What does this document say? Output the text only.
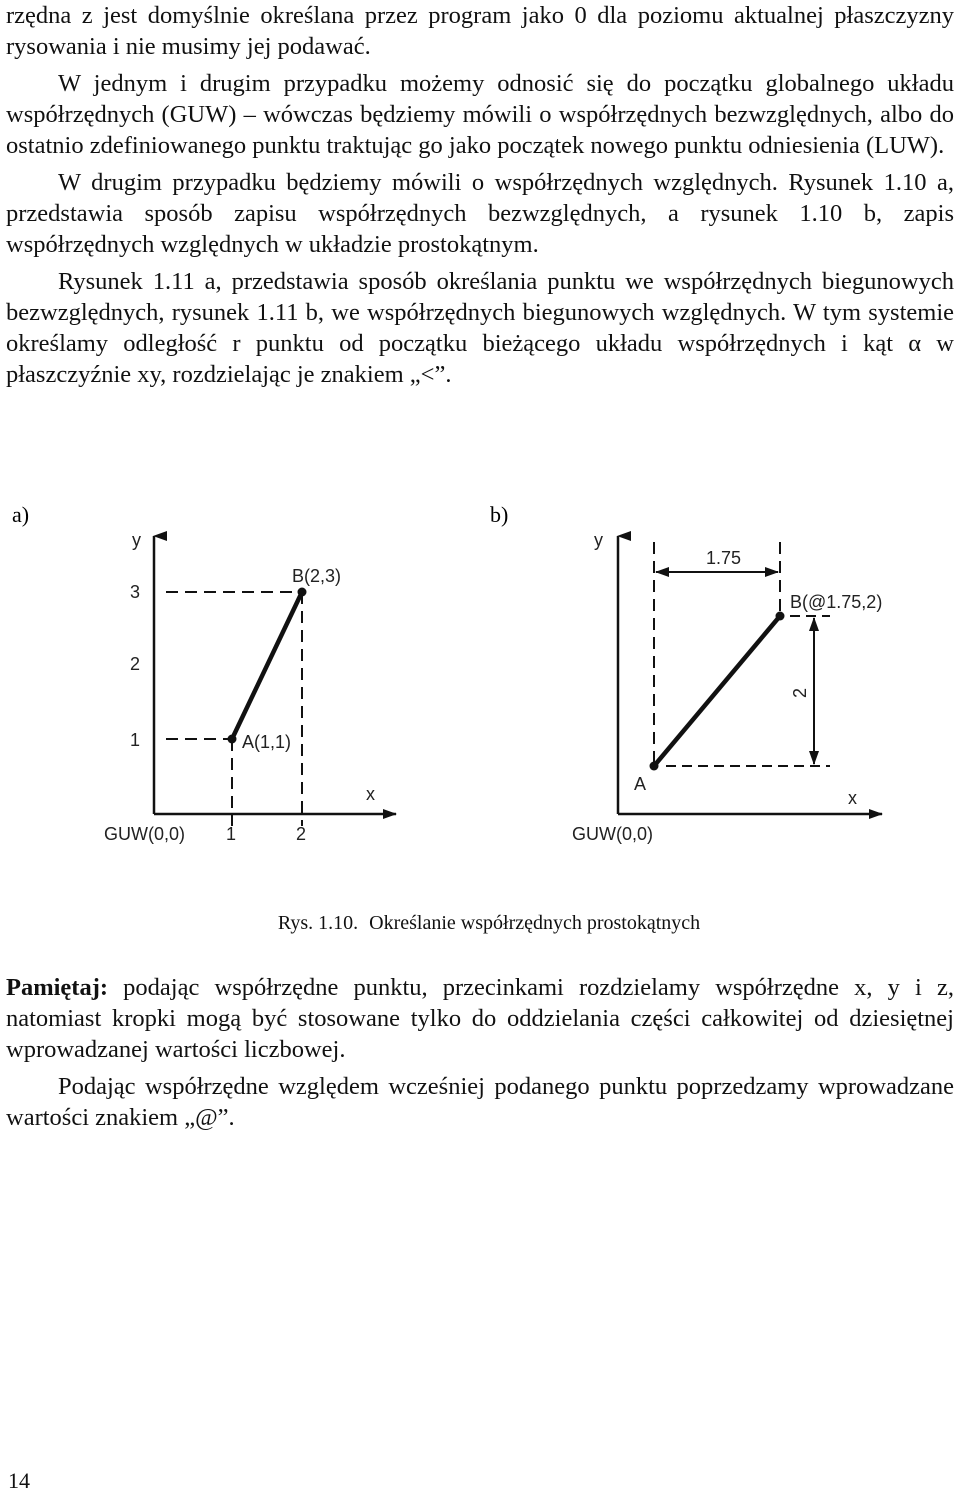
rzędna z jest domyślnie określana przez program jako 0 dla poziomu aktualnej płaszczyzny rysowania i nie musimy jej podawać.

W jednym i drugim przypadku możemy odnosić się do początku globalnego układu współrzędnych (GUW) – wówczas będziemy mówili o współrzędnych bezwzględnych, albo do ostatnio zdefiniowanego punktu traktując go jako początek nowego punktu odniesienia (LUW).

W drugim przypadku będziemy mówili o współrzędnych względnych. Rysunek 1.10 a, przedstawia sposób zapisu współrzędnych bezwzględnych, a rysunek 1.10 b, zapis współrzędnych względnych w układzie prostokątnym.

Rysunek 1.11 a, przedstawia sposób określania punktu we współrzędnych biegunowych bezwzględnych, rysunek 1.11 b, we współrzędnych biegunowych względnych. W tym systemie określamy odległość r punktu od początku bieżącego układu współrzędnych i kąt α w płaszczyźnie xy, rozdzielając je znakiem „<”.

a)	b)
y
x
3
2
1
1	2
GUW(0,0)
A(1,1)
B(2,3)
y
x
GUW(0,0)
1.75
2
A
B(@1.75,2)
Rys. 1.10. Określanie współrzędnych prostokątnych

Pamiętaj: podając współrzędne punktu, przecinkami rozdzielamy współrzędne x, y i z, natomiast kropki mogą być stosowane tylko do oddzielania części całkowitej od dziesiętnej wprowadzanej wartości liczbowej.

Podając współrzędne względem wcześniej podanego punktu poprzedzamy wprowadzane wartości znakiem „@”.

14
